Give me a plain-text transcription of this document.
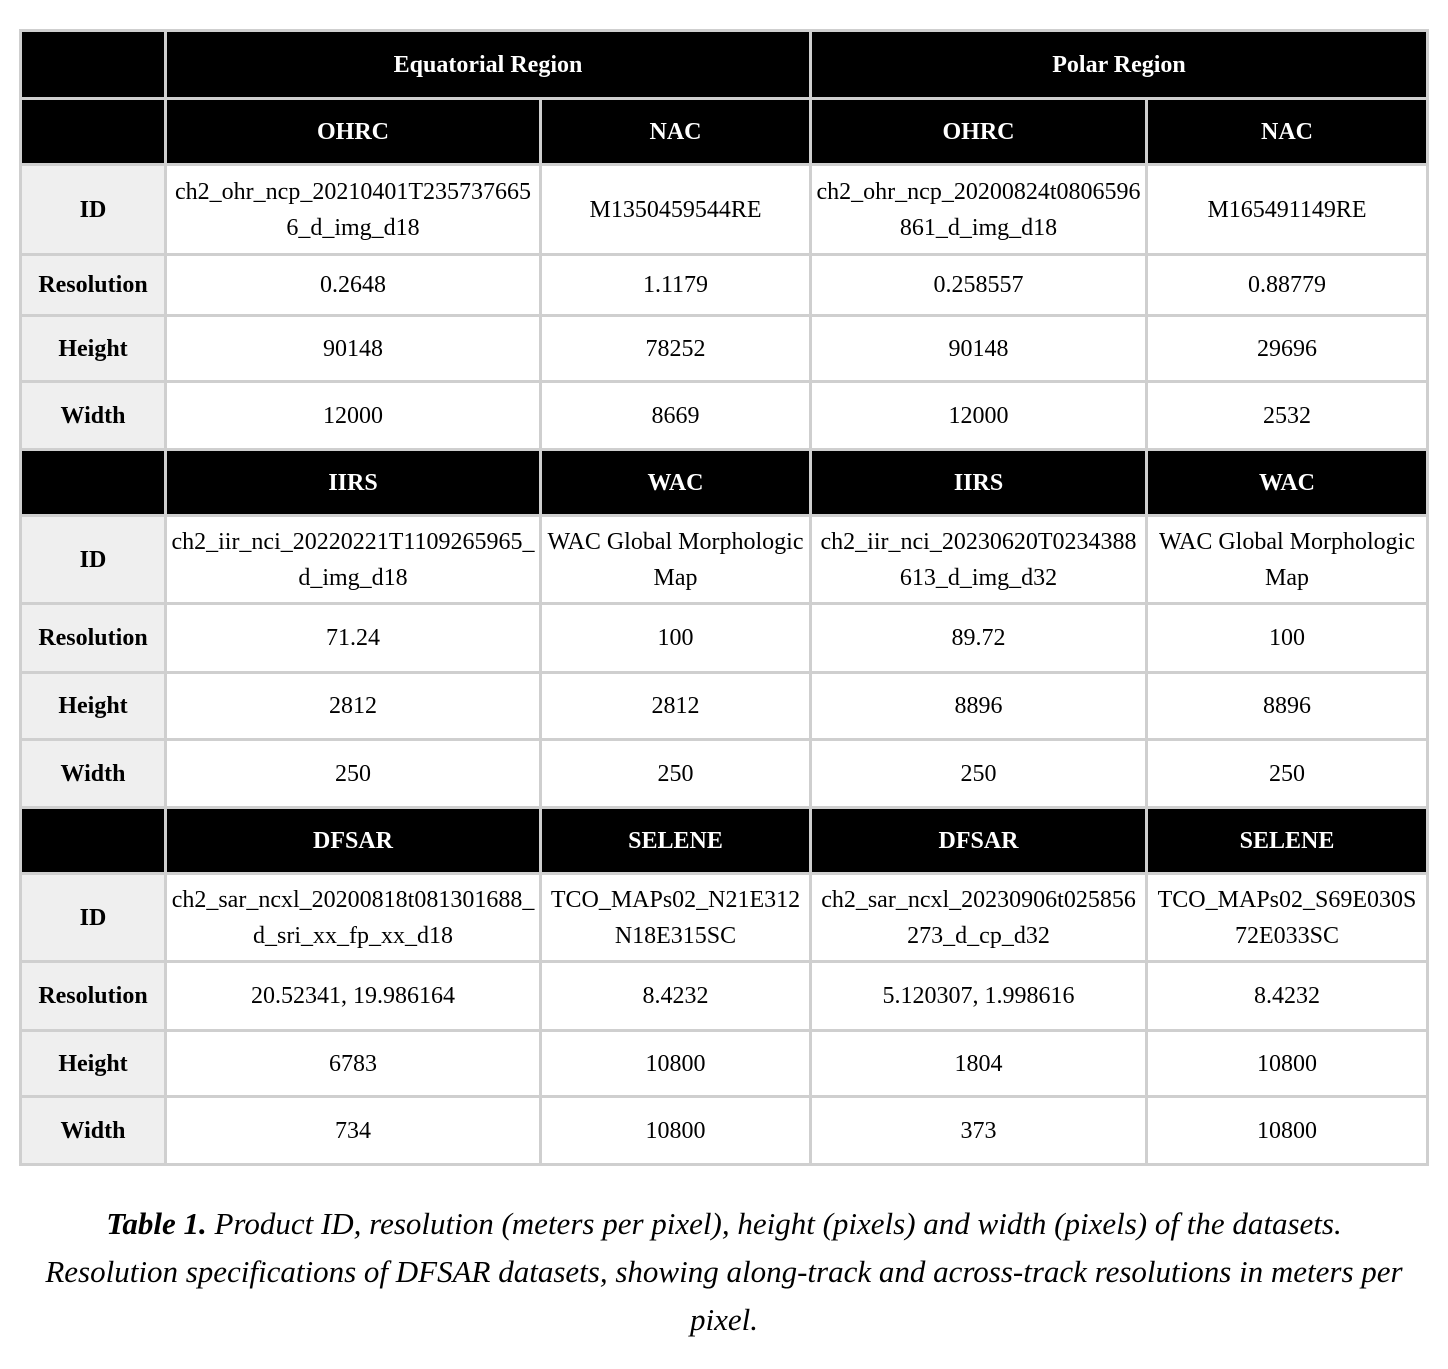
	Equatorial Region		Polar Region	
	OHRC	NAC	OHRC	NAC
ID	ch2_ohr_ncp_20210401T2357376656_d_img_d18	M1350459544RE	ch2_ohr_ncp_20200824t0806596861_d_img_d18	M165491149RE
Resolution	0.2648	1.1179	0.258557	0.88779
Height	90148	78252	90148	29696
Width	12000	8669	12000	2532
	IIRS	WAC	IIRS	WAC
ID	ch2_iir_nci_20220221T1109265965_d_img_d18	WAC Global Morphologic Map	ch2_iir_nci_20230620T0234388613_d_img_d32	WAC Global Morphologic Map
Resolution	71.24	100	89.72	100
Height	2812	2812	8896	8896
Width	250	250	250	250
	DFSAR	SELENE	DFSAR	SELENE
ID	ch2_sar_ncxl_20200818t081301688_d_sri_xx_fp_xx_d18	TCO_MAPs02_N21E312N18E315SC	ch2_sar_ncxl_20230906t025856273_d_cp_d32	TCO_MAPs02_S69E030S72E033SC
Resolution	20.52341, 19.986164	8.4232	5.120307, 1.998616	8.4232
Height	6783	10800	1804	10800
Width	734	10800	373	10800
Table 1. Product ID, resolution (meters per pixel), height (pixels) and width (pixels) of the datasets. Resolution specifications of DFSAR datasets, showing along-track and across-track resolutions in meters per pixel.
